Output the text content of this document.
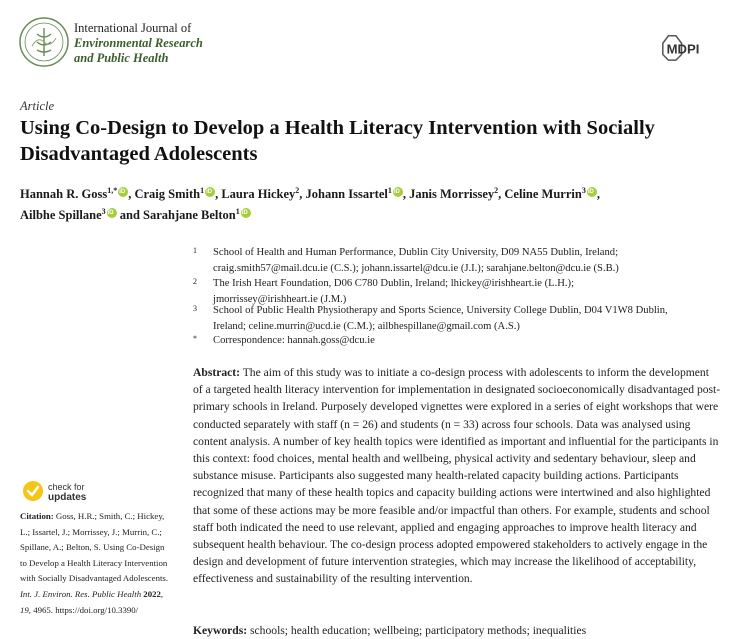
International Journal of
Environmental Research
and Public Health
MDPI
Article
Using Co-Design to Develop a Health Literacy Intervention with Socially Disadvantaged Adolescents
Hannah R. Goss$^{1,*}$ iD , Craig Smith$^1$ iD , Laura Hickey$^2$, Johann Issartel$^1$ iD , Janis Morrissey$^2$, Celine Murrin$^3$ iD ,
Ailbhe Spillane$^3$ iD and Sarahjane Belton$^1$iD
1 School of Health and Human Performance, Dublin City University, D09 NA55 Dublin, Ireland;
craig.smith57@mail.dcu.ie (C.S.); johann.issartel@dcu.ie (J.I.); sarahjane.belton@dcu.ie (S.B.)
2 The Irish Heart Foundation, D06 C780 Dublin, Ireland; lhickey@irishheart.ie (L.H.);
jmorrissey@irishheart.ie (J.M.)
3 School of Public Health Physiotherapy and Sports Science, University College Dublin, D04 V1W8 Dublin,
Ireland; celine.murrin@ucd.ie (C.M.); ailbhespillane@gmail.com (A.S.)
* Correspondence: hannah.goss@dcu.ie
Abstract: The aim of this study was to initiate a co-design process with adolescents to inform the development of a targeted health literacy intervention for implementation in designated socioeconomically disadvantaged post-primary schools in Ireland. Purposely developed vignettes were explored in a series of eight workshops that were conducted separately with staff (n = 26) and students (n = 33) across four schools. Data was analysed using content analysis. A number of key health topics were identified as important and influential for the participants in this context: food choices, mental health and wellbeing, physical activity and sedentary behaviour, sleep and substance misuse. Participants also suggested many health-related capacity building actions. Participants recognized that many of these health topics and capacity building actions were intertwined and also highlighted that some of these actions may be more feasible and/or impactful than others. For example, students and school staff both indicated the need to use relevant, applied and engaging approaches to improve health literacy and subsequent health behaviour. The co-design process adopted empowered stakeholders to actively engage in the design and development of future intervention strategies, which may increase the likelihood of acceptability, effectiveness and sustainability of the resulting intervention.
Keywords: schools; health education; wellbeing; participatory methods; inequalities
check for
updates
Citation: Goss, H.R.; Smith, C.; Hickey, L.; Issartel, J.; Morrissey, J.; Murrin, C.; Spillane, A.; Belton, S. Using Co-Design to Develop a Health Literacy Intervention with Socially Disadvantaged Adolescents. Int. J. Environ. Res. Public Health 2022, 19, 4965. https://doi.org/10.3390/
